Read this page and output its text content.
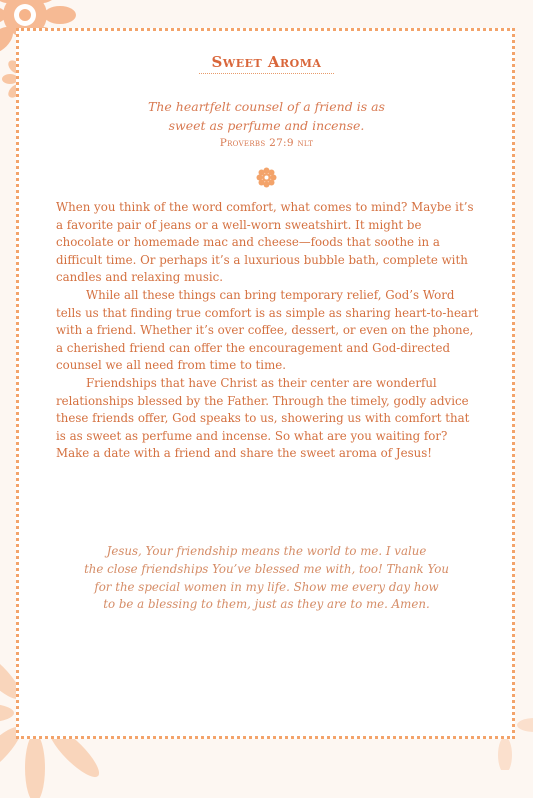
Sweet Aroma
The heartfelt counsel of a friend is as
sweet as perfume and incense.
Proverbs 27:9 nlt

When you think of the word comfort, what comes to mind? Maybe it’s a favorite pair of jeans or a well-worn sweatshirt. It might be chocolate or homemade mac and cheese—foods that soothe in a difficult time. Or perhaps it’s a luxurious bubble bath, complete with candles and relaxing music.

While all these things can bring temporary relief, God’s Word tells us that finding true comfort is as simple as sharing heart-to-heart with a friend. Whether it’s over coffee, dessert, or even on the phone, a cherished friend can offer the encouragement and God-directed counsel we all need from time to time.

Friendships that have Christ as their center are wonderful relationships blessed by the Father. Through the timely, godly advice these friends offer, God speaks to us, showering us with comfort that is as sweet as perfume and incense. So what are you waiting for? Make a date with a friend and share the sweet aroma of Jesus!

Jesus, Your friendship means the world to me. I value
the close friendships You’ve blessed me with, too! Thank You
for the special women in my life. Show me every day how
to be a blessing to them, just as they are to me. Amen.
